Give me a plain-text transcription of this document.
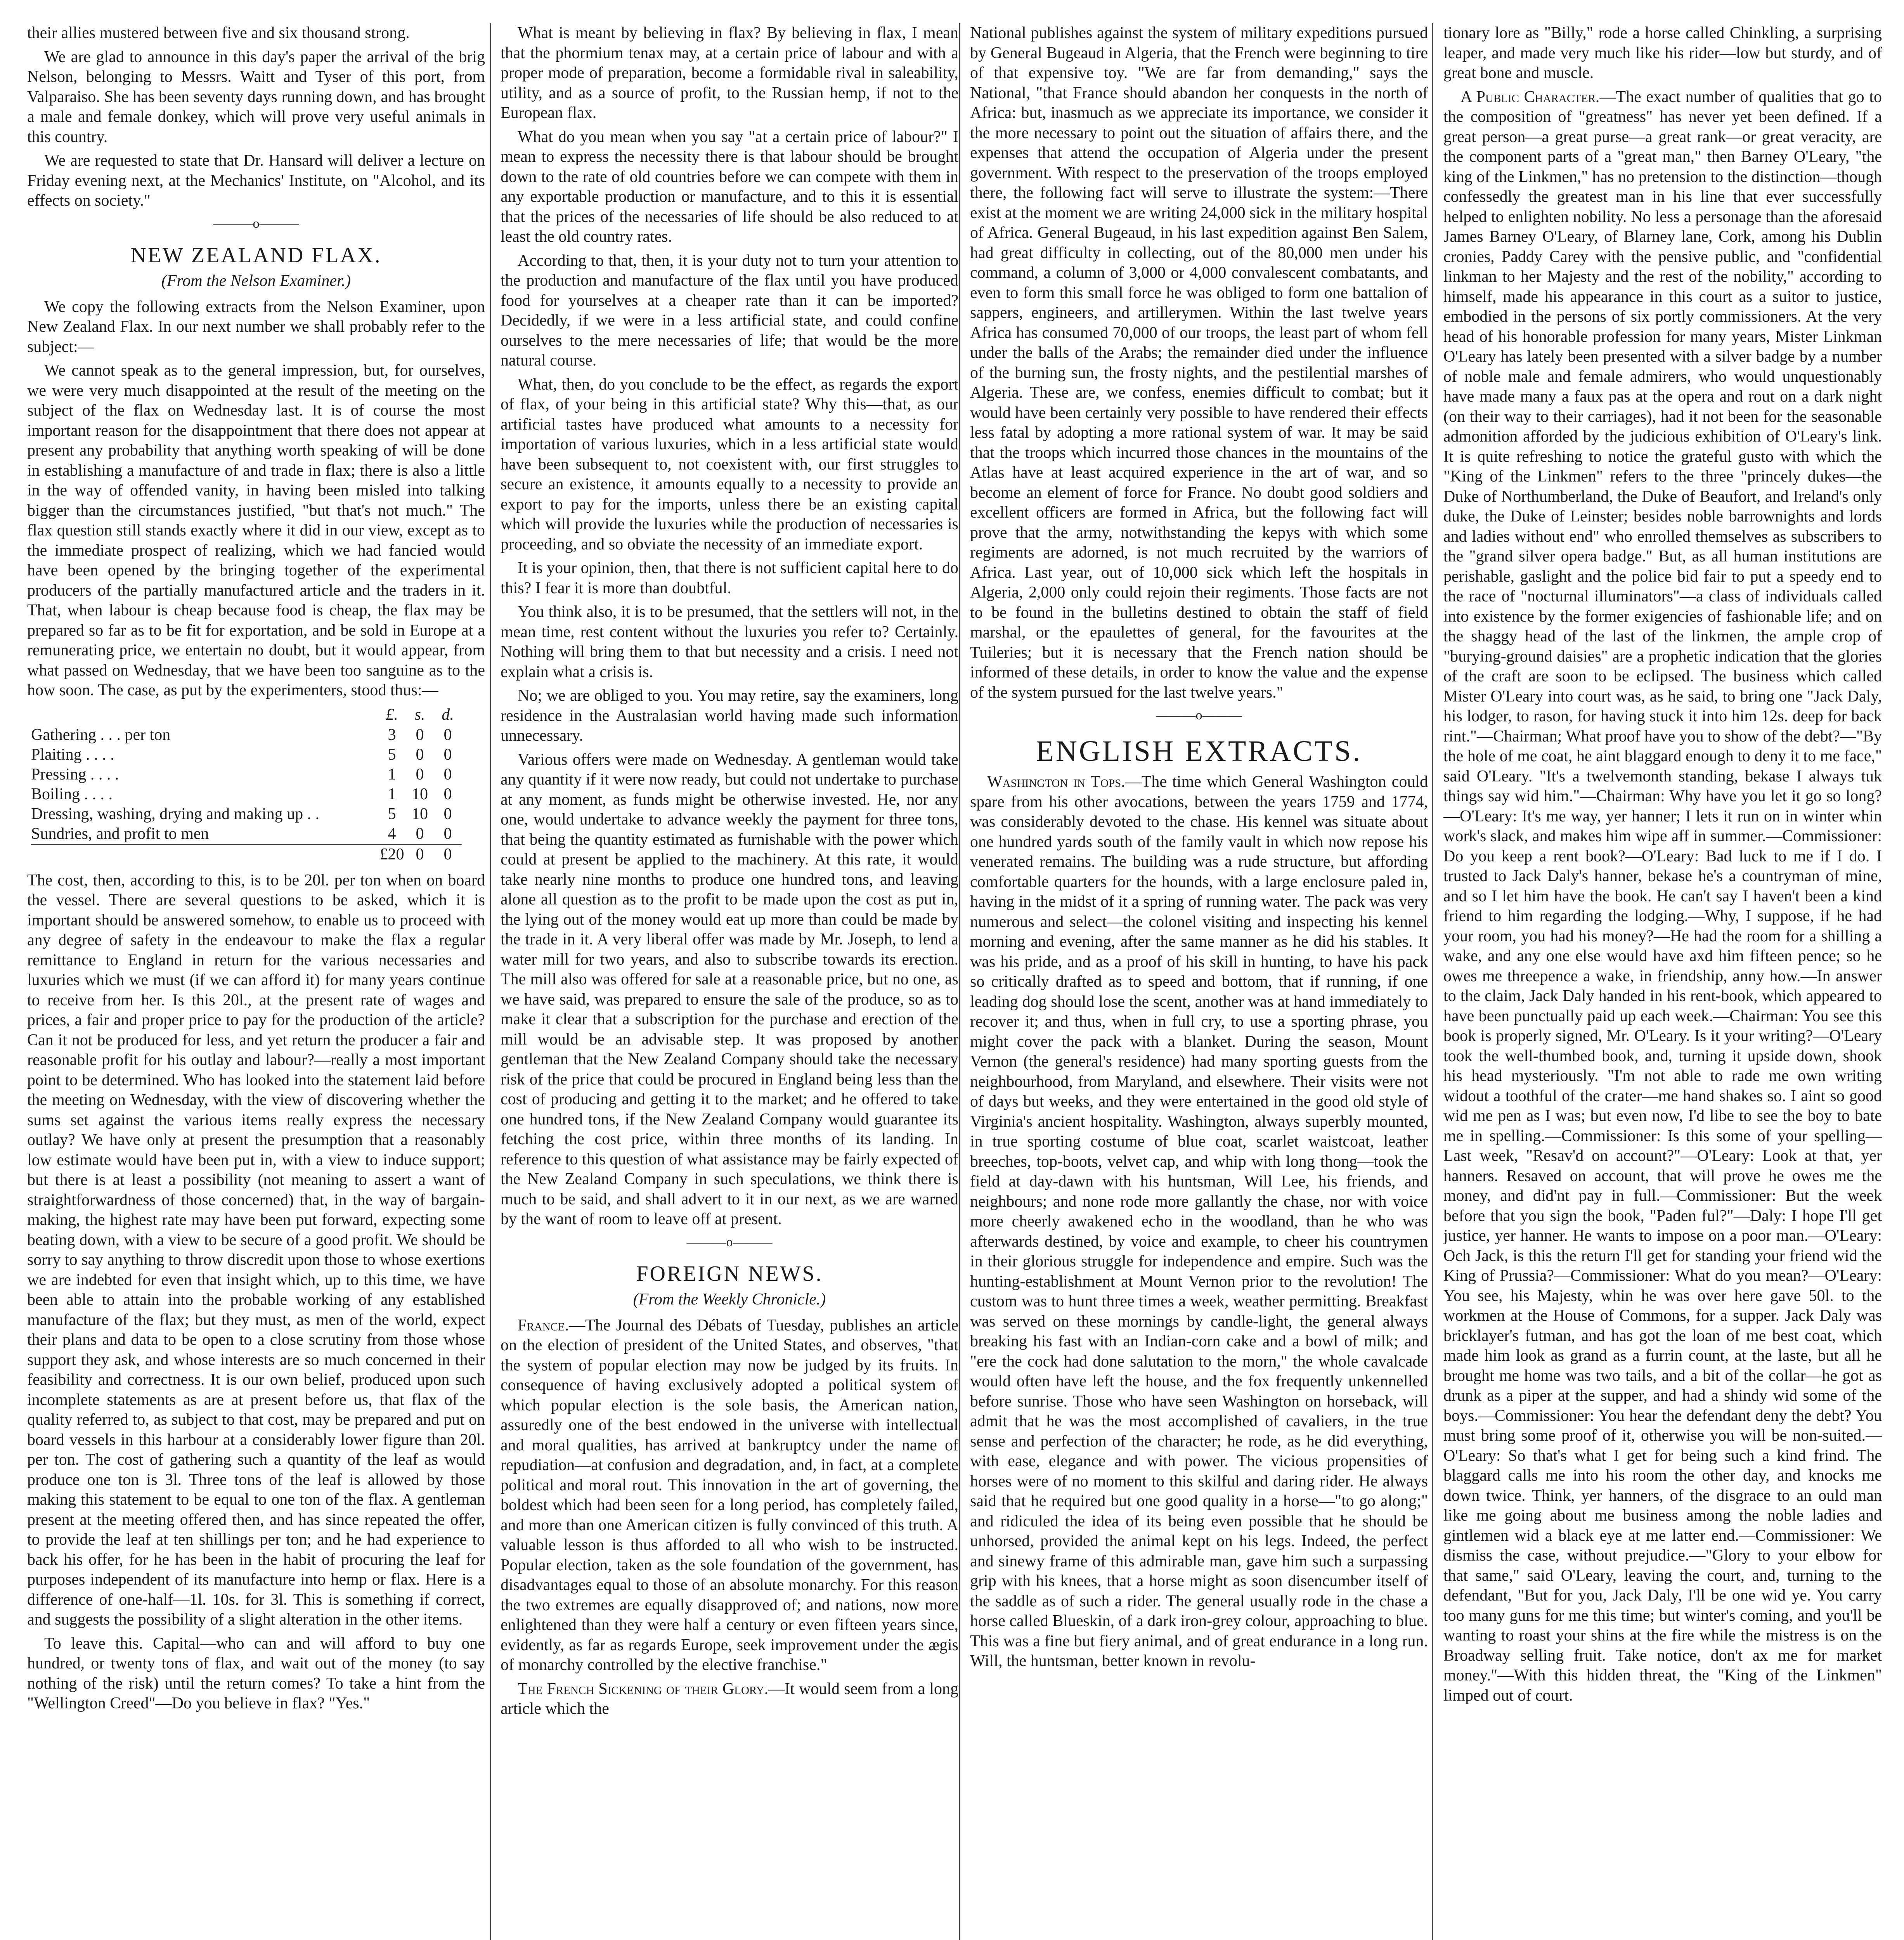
their allies mustered between five and six thousand strong.

We are glad to announce in this day's paper the arrival of the brig Nelson, belonging to Messrs. Waitt and Tyser of this port, from Valparaiso. She has been seventy days running down, and has brought a male and female donkey, which will prove very useful animals in this country.

We are requested to state that Dr. Hansard will deliver a lecture on Friday evening next, at the Mechanics' Institute, on "Alcohol, and its effects on society."

———o———
NEW ZEALAND FLAX.
(From the Nelson Examiner.)

We copy the following extracts from the Nelson Examiner, upon New Zealand Flax. In our next number we shall probably refer to the subject:—

We cannot speak as to the general impression, but, for ourselves, we were very much disappointed at the result of the meeting on the subject of the flax on Wednesday last. It is of course the most important reason for the disappointment that there does not appear at present any probability that anything worth speaking of will be done in establishing a manufacture of and trade in flax; there is also a little in the way of offended vanity, in having been misled into talking bigger than the circumstances justified, "but that's not much." The flax question still stands exactly where it did in our view, except as to the immediate prospect of realizing, which we had fancied would have been opened by the bringing together of the experimental producers of the partially manufactured article and the traders in it. That, when labour is cheap because food is cheap, the flax may be prepared so far as to be fit for exportation, and be sold in Europe at a remunerating price, we entertain no doubt, but it would appear, from what passed on Wednesday, that we have been too sanguine as to the how soon. The case, as put by the experimenters, stood thus:—

	£.	s.	d.
Gathering . . . per ton	3	0	0
Plaiting . . . .	5	0	0
Pressing . . . .	1	0	0
Boiling . . . .	1	10	0
Dressing, washing, drying and making up . .	5	10	0
Sundries, and profit to men	4	0	0
	£20	0	0

The cost, then, according to this, is to be 20l. per ton when on board the vessel. There are several questions to be asked, which it is important should be answered somehow, to enable us to proceed with any degree of safety in the endeavour to make the flax a regular remittance to England in return for the various necessaries and luxuries which we must (if we can afford it) for many years continue to receive from her. Is this 20l., at the present rate of wages and prices, a fair and proper price to pay for the production of the article? Can it not be produced for less, and yet return the producer a fair and reasonable profit for his outlay and labour?—really a most important point to be determined. Who has looked into the statement laid before the meeting on Wednesday, with the view of discovering whether the sums set against the various items really express the necessary outlay? We have only at present the presumption that a reasonably low estimate would have been put in, with a view to induce support; but there is at least a possibility (not meaning to assert a want of straightforwardness of those concerned) that, in the way of bargain-making, the highest rate may have been put forward, expecting some beating down, with a view to be secure of a good profit. We should be sorry to say anything to throw discredit upon those to whose exertions we are indebted for even that insight which, up to this time, we have been able to attain into the probable working of any established manufacture of the flax; but they must, as men of the world, expect their plans and data to be open to a close scrutiny from those whose support they ask, and whose interests are so much concerned in their feasibility and correctness. It is our own belief, produced upon such incomplete statements as are at present before us, that flax of the quality referred to, as subject to that cost, may be prepared and put on board vessels in this harbour at a considerably lower figure than 20l. per ton. The cost of gathering such a quantity of the leaf as would produce one ton is 3l. Three tons of the leaf is allowed by those making this statement to be equal to one ton of the flax. A gentleman present at the meeting offered then, and has since repeated the offer, to provide the leaf at ten shillings per ton; and he had experience to back his offer, for he has been in the habit of procuring the leaf for purposes independent of its manufacture into hemp or flax. Here is a difference of one-half—1l. 10s. for 3l. This is something if correct, and suggests the possibility of a slight alteration in the other items.

To leave this. Capital—who can and will afford to buy one hundred, or twenty tons of flax, and wait out of the money (to say nothing of the risk) until the return comes? To take a hint from the "Wellington Creed"—Do you believe in flax? "Yes."

What is meant by believing in flax? By believing in flax, I mean that the phormium tenax may, at a certain price of labour and with a proper mode of preparation, become a formidable rival in saleability, utility, and as a source of profit, to the Russian hemp, if not to the European flax.

What do you mean when you say "at a certain price of labour?" I mean to express the necessity there is that labour should be brought down to the rate of old countries before we can compete with them in any exportable production or manufacture, and to this it is essential that the prices of the necessaries of life should be also reduced to at least the old country rates.

According to that, then, it is your duty not to turn your attention to the production and manufacture of the flax until you have produced food for yourselves at a cheaper rate than it can be imported? Decidedly, if we were in a less artificial state, and could confine ourselves to the mere necessaries of life; that would be the more natural course.

What, then, do you conclude to be the effect, as regards the export of flax, of your being in this artificial state? Why this—that, as our artificial tastes have produced what amounts to a necessity for importation of various luxuries, which in a less artificial state would have been subsequent to, not coexistent with, our first struggles to secure an existence, it amounts equally to a necessity to provide an export to pay for the imports, unless there be an existing capital which will provide the luxuries while the production of necessaries is proceeding, and so obviate the necessity of an immediate export.

It is your opinion, then, that there is not sufficient capital here to do this? I fear it is more than doubtful.

You think also, it is to be presumed, that the settlers will not, in the mean time, rest content without the luxuries you refer to? Certainly. Nothing will bring them to that but necessity and a crisis. I need not explain what a crisis is.

No; we are obliged to you. You may retire, say the examiners, long residence in the Australasian world having made such information unnecessary.

Various offers were made on Wednesday. A gentleman would take any quantity if it were now ready, but could not undertake to purchase at any moment, as funds might be otherwise invested. He, nor any one, would undertake to advance weekly the payment for three tons, that being the quantity estimated as furnishable with the power which could at present be applied to the machinery. At this rate, it would take nearly nine months to produce one hundred tons, and leaving alone all question as to the profit to be made upon the cost as put in, the lying out of the money would eat up more than could be made by the trade in it. A very liberal offer was made by Mr. Joseph, to lend a water mill for two years, and also to subscribe towards its erection. The mill also was offered for sale at a reasonable price, but no one, as we have said, was prepared to ensure the sale of the produce, so as to make it clear that a subscription for the purchase and erection of the mill would be an advisable step. It was proposed by another gentleman that the New Zealand Company should take the necessary risk of the price that could be procured in England being less than the cost of producing and getting it to the market; and he offered to take one hundred tons, if the New Zealand Company would guarantee its fetching the cost price, within three months of its landing. In reference to this question of what assistance may be fairly expected of the New Zealand Company in such speculations, we think there is much to be said, and shall advert to it in our next, as we are warned by the want of room to leave off at present.

———o———
FOREIGN NEWS.
(From the Weekly Chronicle.)

France.—The Journal des Débats of Tuesday, publishes an article on the election of president of the United States, and observes, "that the system of popular election may now be judged by its fruits. In consequence of having exclusively adopted a political system of which popular election is the sole basis, the American nation, assuredly one of the best endowed in the universe with intellectual and moral qualities, has arrived at bankruptcy under the name of repudiation—at confusion and degradation, and, in fact, at a complete political and moral rout. This innovation in the art of governing, the boldest which had been seen for a long period, has completely failed, and more than one American citizen is fully convinced of this truth. A valuable lesson is thus afforded to all who wish to be instructed. Popular election, taken as the sole foundation of the government, has disadvantages equal to those of an absolute monarchy. For this reason the two extremes are equally disapproved of; and nations, now more enlightened than they were half a century or even fifteen years since, evidently, as far as regards Europe, seek improvement under the ægis of monarchy controlled by the elective franchise."

The French Sickening of their Glory.—It would seem from a long article which the

National publishes against the system of military expeditions pursued by General Bugeaud in Algeria, that the French were beginning to tire of that expensive toy. "We are far from demanding," says the National, "that France should abandon her conquests in the north of Africa: but, inasmuch as we appreciate its importance, we consider it the more necessary to point out the situation of affairs there, and the expenses that attend the occupation of Algeria under the present government. With respect to the preservation of the troops employed there, the following fact will serve to illustrate the system:—There exist at the moment we are writing 24,000 sick in the military hospital of Africa. General Bugeaud, in his last expedition against Ben Salem, had great difficulty in collecting, out of the 80,000 men under his command, a column of 3,000 or 4,000 convalescent combatants, and even to form this small force he was obliged to form one battalion of sappers, engineers, and artillerymen. Within the last twelve years Africa has consumed 70,000 of our troops, the least part of whom fell under the balls of the Arabs; the remainder died under the influence of the burning sun, the frosty nights, and the pestilential marshes of Algeria. These are, we confess, enemies difficult to combat; but it would have been certainly very possible to have rendered their effects less fatal by adopting a more rational system of war. It may be said that the troops which incurred those chances in the mountains of the Atlas have at least acquired experience in the art of war, and so become an element of force for France. No doubt good soldiers and excellent officers are formed in Africa, but the following fact will prove that the army, notwithstanding the kepys with which some regiments are adorned, is not much recruited by the warriors of Africa. Last year, out of 10,000 sick which left the hospitals in Algeria, 2,000 only could rejoin their regiments. Those facts are not to be found in the bulletins destined to obtain the staff of field marshal, or the epaulettes of general, for the favourites at the Tuileries; but it is necessary that the French nation should be informed of these details, in order to know the value and the expense of the system pursued for the last twelve years."

———o———
ENGLISH EXTRACTS.

Washington in Tops.—The time which General Washington could spare from his other avocations, between the years 1759 and 1774, was considerably devoted to the chase. His kennel was situate about one hundred yards south of the family vault in which now repose his venerated remains. The building was a rude structure, but affording comfortable quarters for the hounds, with a large enclosure paled in, having in the midst of it a spring of running water. The pack was very numerous and select—the colonel visiting and inspecting his kennel morning and evening, after the same manner as he did his stables. It was his pride, and as a proof of his skill in hunting, to have his pack so critically drafted as to speed and bottom, that if running, if one leading dog should lose the scent, another was at hand immediately to recover it; and thus, when in full cry, to use a sporting phrase, you might cover the pack with a blanket. During the season, Mount Vernon (the general's residence) had many sporting guests from the neighbourhood, from Maryland, and elsewhere. Their visits were not of days but weeks, and they were entertained in the good old style of Virginia's ancient hospitality. Washington, always superbly mounted, in true sporting costume of blue coat, scarlet waistcoat, leather breeches, top-boots, velvet cap, and whip with long thong—took the field at day-dawn with his huntsman, Will Lee, his friends, and neighbours; and none rode more gallantly the chase, nor with voice more cheerly awakened echo in the woodland, than he who was afterwards destined, by voice and example, to cheer his countrymen in their glorious struggle for independence and empire. Such was the hunting-establishment at Mount Vernon prior to the revolution! The custom was to hunt three times a week, weather permitting. Breakfast was served on these mornings by candle-light, the general always breaking his fast with an Indian-corn cake and a bowl of milk; and "ere the cock had done salutation to the morn," the whole cavalcade would often have left the house, and the fox frequently unkennelled before sunrise. Those who have seen Washington on horseback, will admit that he was the most accomplished of cavaliers, in the true sense and perfection of the character; he rode, as he did everything, with ease, elegance and with power. The vicious propensities of horses were of no moment to this skilful and daring rider. He always said that he required but one good quality in a horse—"to go along;" and ridiculed the idea of its being even possible that he should be unhorsed, provided the animal kept on his legs. Indeed, the perfect and sinewy frame of this admirable man, gave him such a surpassing grip with his knees, that a horse might as soon disencumber itself of the saddle as of such a rider. The general usually rode in the chase a horse called Blueskin, of a dark iron-grey colour, approaching to blue. This was a fine but fiery animal, and of great endurance in a long run. Will, the huntsman, better known in revolu-

tionary lore as "Billy," rode a horse called Chinkling, a surprising leaper, and made very much like his rider—low but sturdy, and of great bone and muscle.

A Public Character.—The exact number of qualities that go to the composition of "greatness" has never yet been defined. If a great person—a great purse—a great rank—or great veracity, are the component parts of a "great man," then Barney O'Leary, "the king of the Linkmen," has no pretension to the distinction—though confessedly the greatest man in his line that ever successfully helped to enlighten nobility. No less a personage than the aforesaid James Barney O'Leary, of Blarney lane, Cork, among his Dublin cronies, Paddy Carey with the pensive public, and "confidential linkman to her Majesty and the rest of the nobility," according to himself, made his appearance in this court as a suitor to justice, embodied in the persons of six portly commissioners. At the very head of his honorable profession for many years, Mister Linkman O'Leary has lately been presented with a silver badge by a number of noble male and female admirers, who would unquestionably have made many a faux pas at the opera and rout on a dark night (on their way to their carriages), had it not been for the seasonable admonition afforded by the judicious exhibition of O'Leary's link. It is quite refreshing to notice the grateful gusto with which the "King of the Linkmen" refers to the three "princely dukes—the Duke of Northumberland, the Duke of Beaufort, and Ireland's only duke, the Duke of Leinster; besides noble barrownights and lords and ladies without end" who enrolled themselves as subscribers to the "grand silver opera badge." But, as all human institutions are perishable, gaslight and the police bid fair to put a speedy end to the race of "nocturnal illuminators"—a class of individuals called into existence by the former exigencies of fashionable life; and on the shaggy head of the last of the linkmen, the ample crop of "burying-ground daisies" are a prophetic indication that the glories of the craft are soon to be eclipsed. The business which called Mister O'Leary into court was, as he said, to bring one "Jack Daly, his lodger, to rason, for having stuck it into him 12s. deep for back rint."—Chairman; What proof have you to show of the debt?—"By the hole of me coat, he aint blaggard enough to deny it to me face," said O'Leary. "It's a twelvemonth standing, bekase I always tuk things say wid him."—Chairman: Why have you let it go so long?—O'Leary: It's me way, yer hanner; I lets it run on in winter whin work's slack, and makes him wipe aff in summer.—Commissioner: Do you keep a rent book?—O'Leary: Bad luck to me if I do. I trusted to Jack Daly's hanner, bekase he's a countryman of mine, and so I let him have the book. He can't say I haven't been a kind friend to him regarding the lodging.—Why, I suppose, if he had your room, you had his money?—He had the room for a shilling a wake, and any one else would have axd him fifteen pence; so he owes me threepence a wake, in friendship, anny how.—In answer to the claim, Jack Daly handed in his rent-book, which appeared to have been punctually paid up each week.—Chairman: You see this book is properly signed, Mr. O'Leary. Is it your writing?—O'Leary took the well-thumbed book, and, turning it upside down, shook his head mysteriously. "I'm not able to rade me own writing widout a toothful of the crater—me hand shakes so. I aint so good wid me pen as I was; but even now, I'd libe to see the boy to bate me in spelling.—Commissioner: Is this some of your spelling—Last week, "Resav'd on account?"—O'Leary: Look at that, yer hanners. Resaved on account, that will prove he owes me the money, and did'nt pay in full.—Commissioner: But the week before that you sign the book, "Paden ful?"—Daly: I hope I'll get justice, yer hanner. He wants to impose on a poor man.—O'Leary: Och Jack, is this the return I'll get for standing your friend wid the King of Prussia?—Commissioner: What do you mean?—O'Leary: You see, his Majesty, whin he was over here gave 50l. to the workmen at the House of Commons, for a supper. Jack Daly was bricklayer's futman, and has got the loan of me best coat, which made him look as grand as a furrin count, at the laste, but all he brought me home was two tails, and a bit of the collar—he got as drunk as a piper at the supper, and had a shindy wid some of the boys.—Commissioner: You hear the defendant deny the debt? You must bring some proof of it, otherwise you will be non-suited.—O'Leary: So that's what I get for being such a kind frind. The blaggard calls me into his room the other day, and knocks me down twice. Think, yer hanners, of the disgrace to an ould man like me going about me business among the noble ladies and gintlemen wid a black eye at me latter end.—Commissioner: We dismiss the case, without prejudice.—"Glory to your elbow for that same," said O'Leary, leaving the court, and, turning to the defendant, "But for you, Jack Daly, I'll be one wid ye. You carry too many guns for me this time; but winter's coming, and you'll be wanting to roast your shins at the fire while the mistress is on the Broadway selling fruit. Take notice, don't ax me for market money."—With this hidden threat, the "King of the Linkmen" limped out of court.
